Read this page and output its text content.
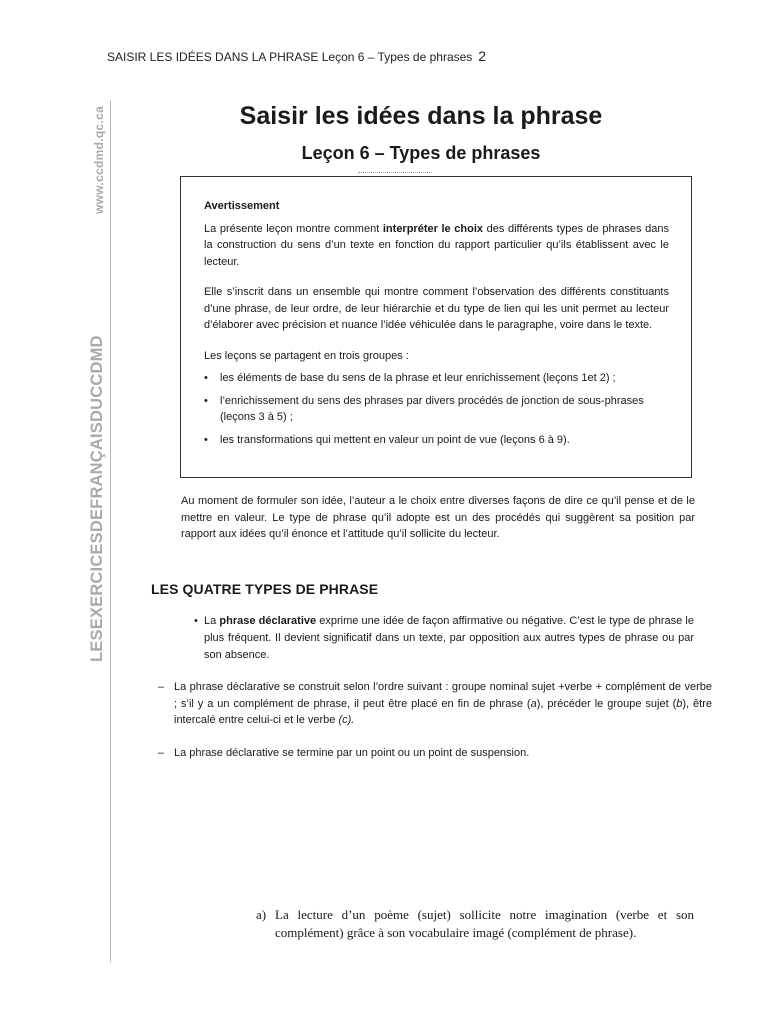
SAISIR LES IDÉES DANS LA PHRASE Leçon 6 – Types de phrases 2
www.ccdmd.qc.ca
LESEXERCICESDEFRANÇAISDUCCDMD
Saisir les idées dans la phrase
Leçon 6 – Types de phrases
Avertissement

La présente leçon montre comment interpréter le choix des différents types de phrases dans la construction du sens d’un texte en fonction du rapport particulier qu’ils établissent avec le lecteur.

Elle s’inscrit dans un ensemble qui montre comment l’observation des différents constituants d’une phrase, de leur ordre, de leur hiérarchie et du type de lien qui les unit permet au lecteur d’élaborer avec précision et nuance l’idée véhiculée dans le paragraphe, voire dans le texte.

Les leçons se partagent en trois groupes :

• les éléments de base du sens de la phrase et leur enrichissement (leçons 1et 2) ;
• l’enrichissement du sens des phrases par divers procédés de jonction de sous-phrases (leçons 3 à 5) ;
• les transformations qui mettent en valeur un point de vue (leçons 6 à 9).
Au moment de formuler son idée, l’auteur a le choix entre diverses façons de dire ce qu’il pense et de le mettre en valeur. Le type de phrase qu’il adopte est un des procédés qui suggèrent sa position par rapport aux idées qu’il énonce et l’attitude qu’il sollicite du lecteur.
LES QUATRE TYPES DE PHRASE
• La phrase déclarative exprime une idée de façon affirmative ou négative. C’est le type de phrase le plus fréquent. Il devient significatif dans un texte, par opposition aux autres types de phrase ou par son absence.
– La phrase déclarative se construit selon l’ordre suivant : groupe nominal sujet +verbe + complément de verbe ; s’il y a un complément de phrase, il peut être placé en fin de phrase (a), précéder le groupe sujet (b), être intercalé entre celui-ci et le verbe (c).
– La phrase déclarative se termine par un point ou un point de suspension.
a) La lecture d’un poème (sujet) sollicite notre imagination (verbe et son complément) grâce à son vocabulaire imagé (complément de phrase).
